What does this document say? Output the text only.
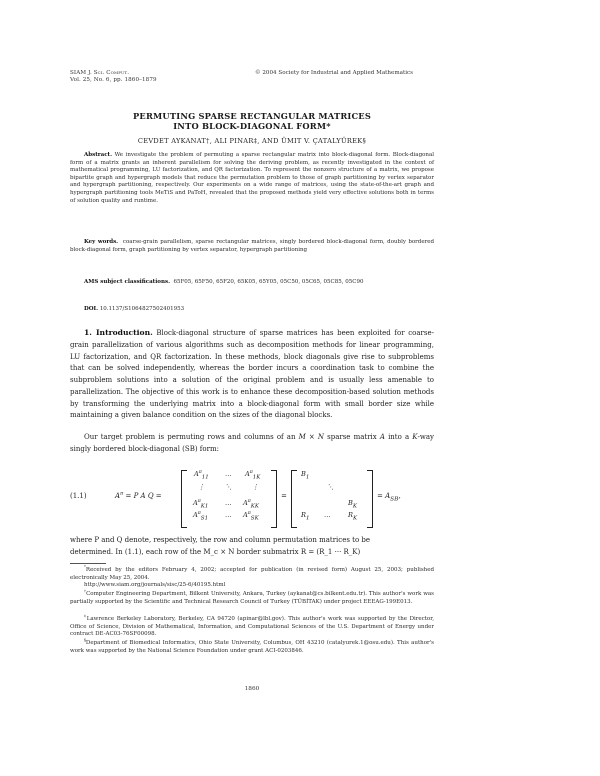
SIAM J. Sci. Comput.
Vol. 25, No. 6, pp. 1860–1879
© 2004 Society for Industrial and Applied Mathematics
PERMUTING SPARSE RECTANGULAR MATRICES
INTO BLOCK-DIAGONAL FORM*
CEVDET AYKANAT†, ALI PINAR‡, AND ÜMIT V. ÇATALYÜREK§
Abstract. We investigate the problem of permuting a sparse rectangular matrix into block-diagonal form. Block-diagonal form of a matrix grants an inherent parallelism for solving the deriving problem, as recently investigated in the context of mathematical programming, LU factorization, and QR factorization. To represent the nonzero structure of a matrix, we propose bipartite graph and hypergraph models that reduce the permutation problem to those of graph partitioning by vertex separator and hypergraph partitioning, respectively. Our experiments on a wide range of matrices, using the state-of-the-art graph and hypergraph partitioning tools MeTiS and PaToH, revealed that the proposed methods yield very effective solutions both in terms of solution quality and runtime.
Key words. coarse-grain parallelism, sparse rectangular matrices, singly bordered block-diagonal form, doubly bordered block-diagonal form, graph partitioning by vertex separator, hypergraph partitioning
AMS subject classifications. 65F05, 65F50, 65F20, 65K05, 65Y05, 05C50, 05C65, 05C85, 05C90
DOI. 10.1137/S1064827502401953
1. Introduction. Block-diagonal structure of sparse matrices has been exploited for coarse-grain parallelization of various algorithms such as decomposition methods for linear programming, LU factorization, and QR factorization. In these methods, block diagonals give rise to subproblems that can be solved independently, whereas the border incurs a coordination task to combine the subproblem solutions into a solution of the original problem and is usually less amenable to parallelization. The objective of this work is to enhance these decomposition-based solution methods by transforming the underlying matrix into a block-diagonal form with small border size while maintaining a given balance condition on the sizes of the diagonal blocks.
Our target problem is permuting rows and columns of an M × N sparse matrix A into a K-way singly bordered block-diagonal (SB) form:
(1.1)	$A^\pi = P$ A Q =
$A^\pi_{11}$ … $A^\pi_{1K}$
⋮	⋱	⋮
$A^\pi_{K1}$	… $A^\pi_{KK}$
$A^\pi_{S1}$	… $A^\pi_{SK}$
=
$B_1$
⋱
$B_K$
$R_1$ …	$R_K$
= $A_{SB}$,
where P and Q denote, respectively, the row and column permutation matrices to be
determined. In (1.1), each row of the M_c × N border submatrix R = (R_1 ··· R_K)
*Received by the editors February 4, 2002; accepted for publication (in revised form) August 25, 2003; published electronically May 25, 2004.
http://www.siam.org/journals/sisc/25-6/40195.html
†Computer Engineering Department, Bilkent University, Ankara, Turkey (aykanat@cs.bilkent.edu.tr). This author's work was partially supported by the Scientific and Technical Research Council of Turkey (TÜBİTAK) under project EEEAG-199E013.
‡Lawrence Berkeley Laboratory, Berkeley, CA 94720 (apinar@lbl.gov). This author's work was supported by the Director, Office of Science, Division of Mathematical, Information, and Computational Sciences of the U.S. Department of Energy under contract DE-AC03-76SF00098.
§Department of Biomedical Informatics, Ohio State University, Columbus, OH 43210 (catalyurek.1@osu.edu). This author's work was supported by the National Science Foundation under grant ACI-0203846.
1860
